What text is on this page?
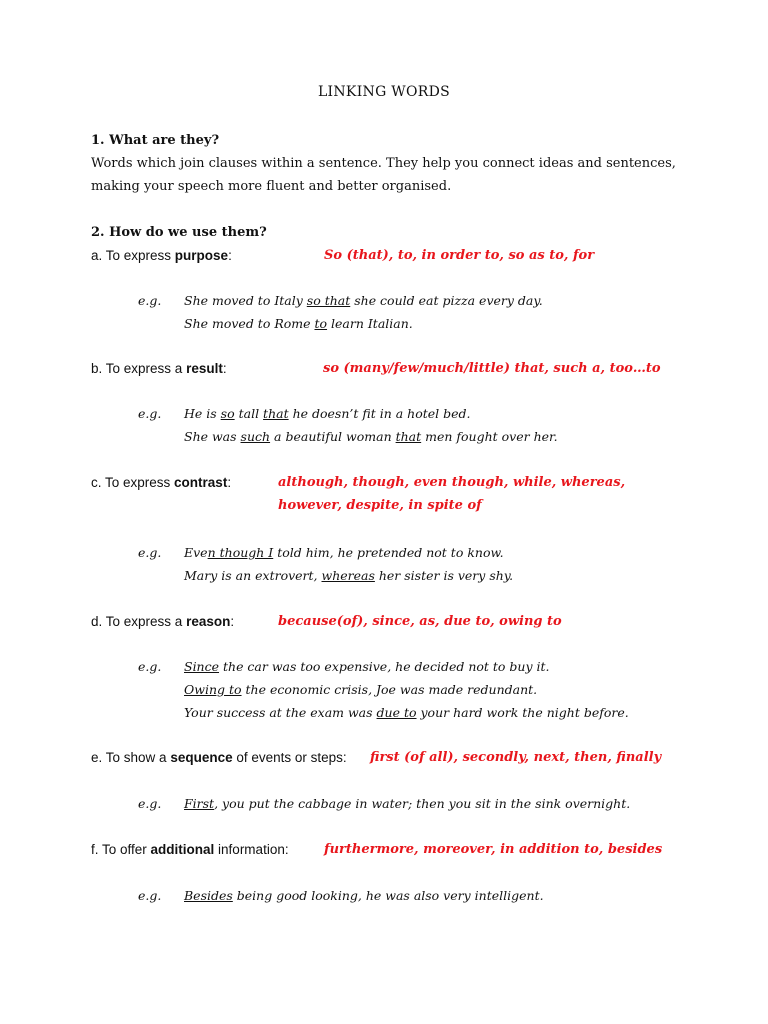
LINKING WORDS
1. What are they?
Words which join clauses within a sentence. They help you connect ideas and sentences,
making your speech more fluent and better organised.
2. How do we use them?
a. To express purpose:	So (that), to, in order to, so as to, for
e.g. She moved to Italy so that she could eat pizza every day.
She moved to Rome to learn Italian.
b. To express a result:	so (many/few/much/little) that, such a, too…to
e.g. He is so tall that he doesn’t fit in a hotel bed.
She was such a beautiful woman that men fought over her.
c. To express contrast:	although, though, even though, while, whereas,
however, despite, in spite of
e.g. Even though I told him, he pretended not to know.
Mary is an extrovert, whereas her sister is very shy.
d. To express a reason:	because(of), since, as, due to, owing to
e.g. Since the car was too expensive, he decided not to buy it.
Owing to the economic crisis, Joe was made redundant.
Your success at the exam was due to your hard work the night before.
e. To show a sequence of events or steps: first (of all), secondly, next, then, finally
e.g. First, you put the cabbage in water; then you sit in the sink overnight.
f. To offer additional information:	furthermore, moreover, in addition to, besides
e.g. Besides being good looking, he was also very intelligent.
